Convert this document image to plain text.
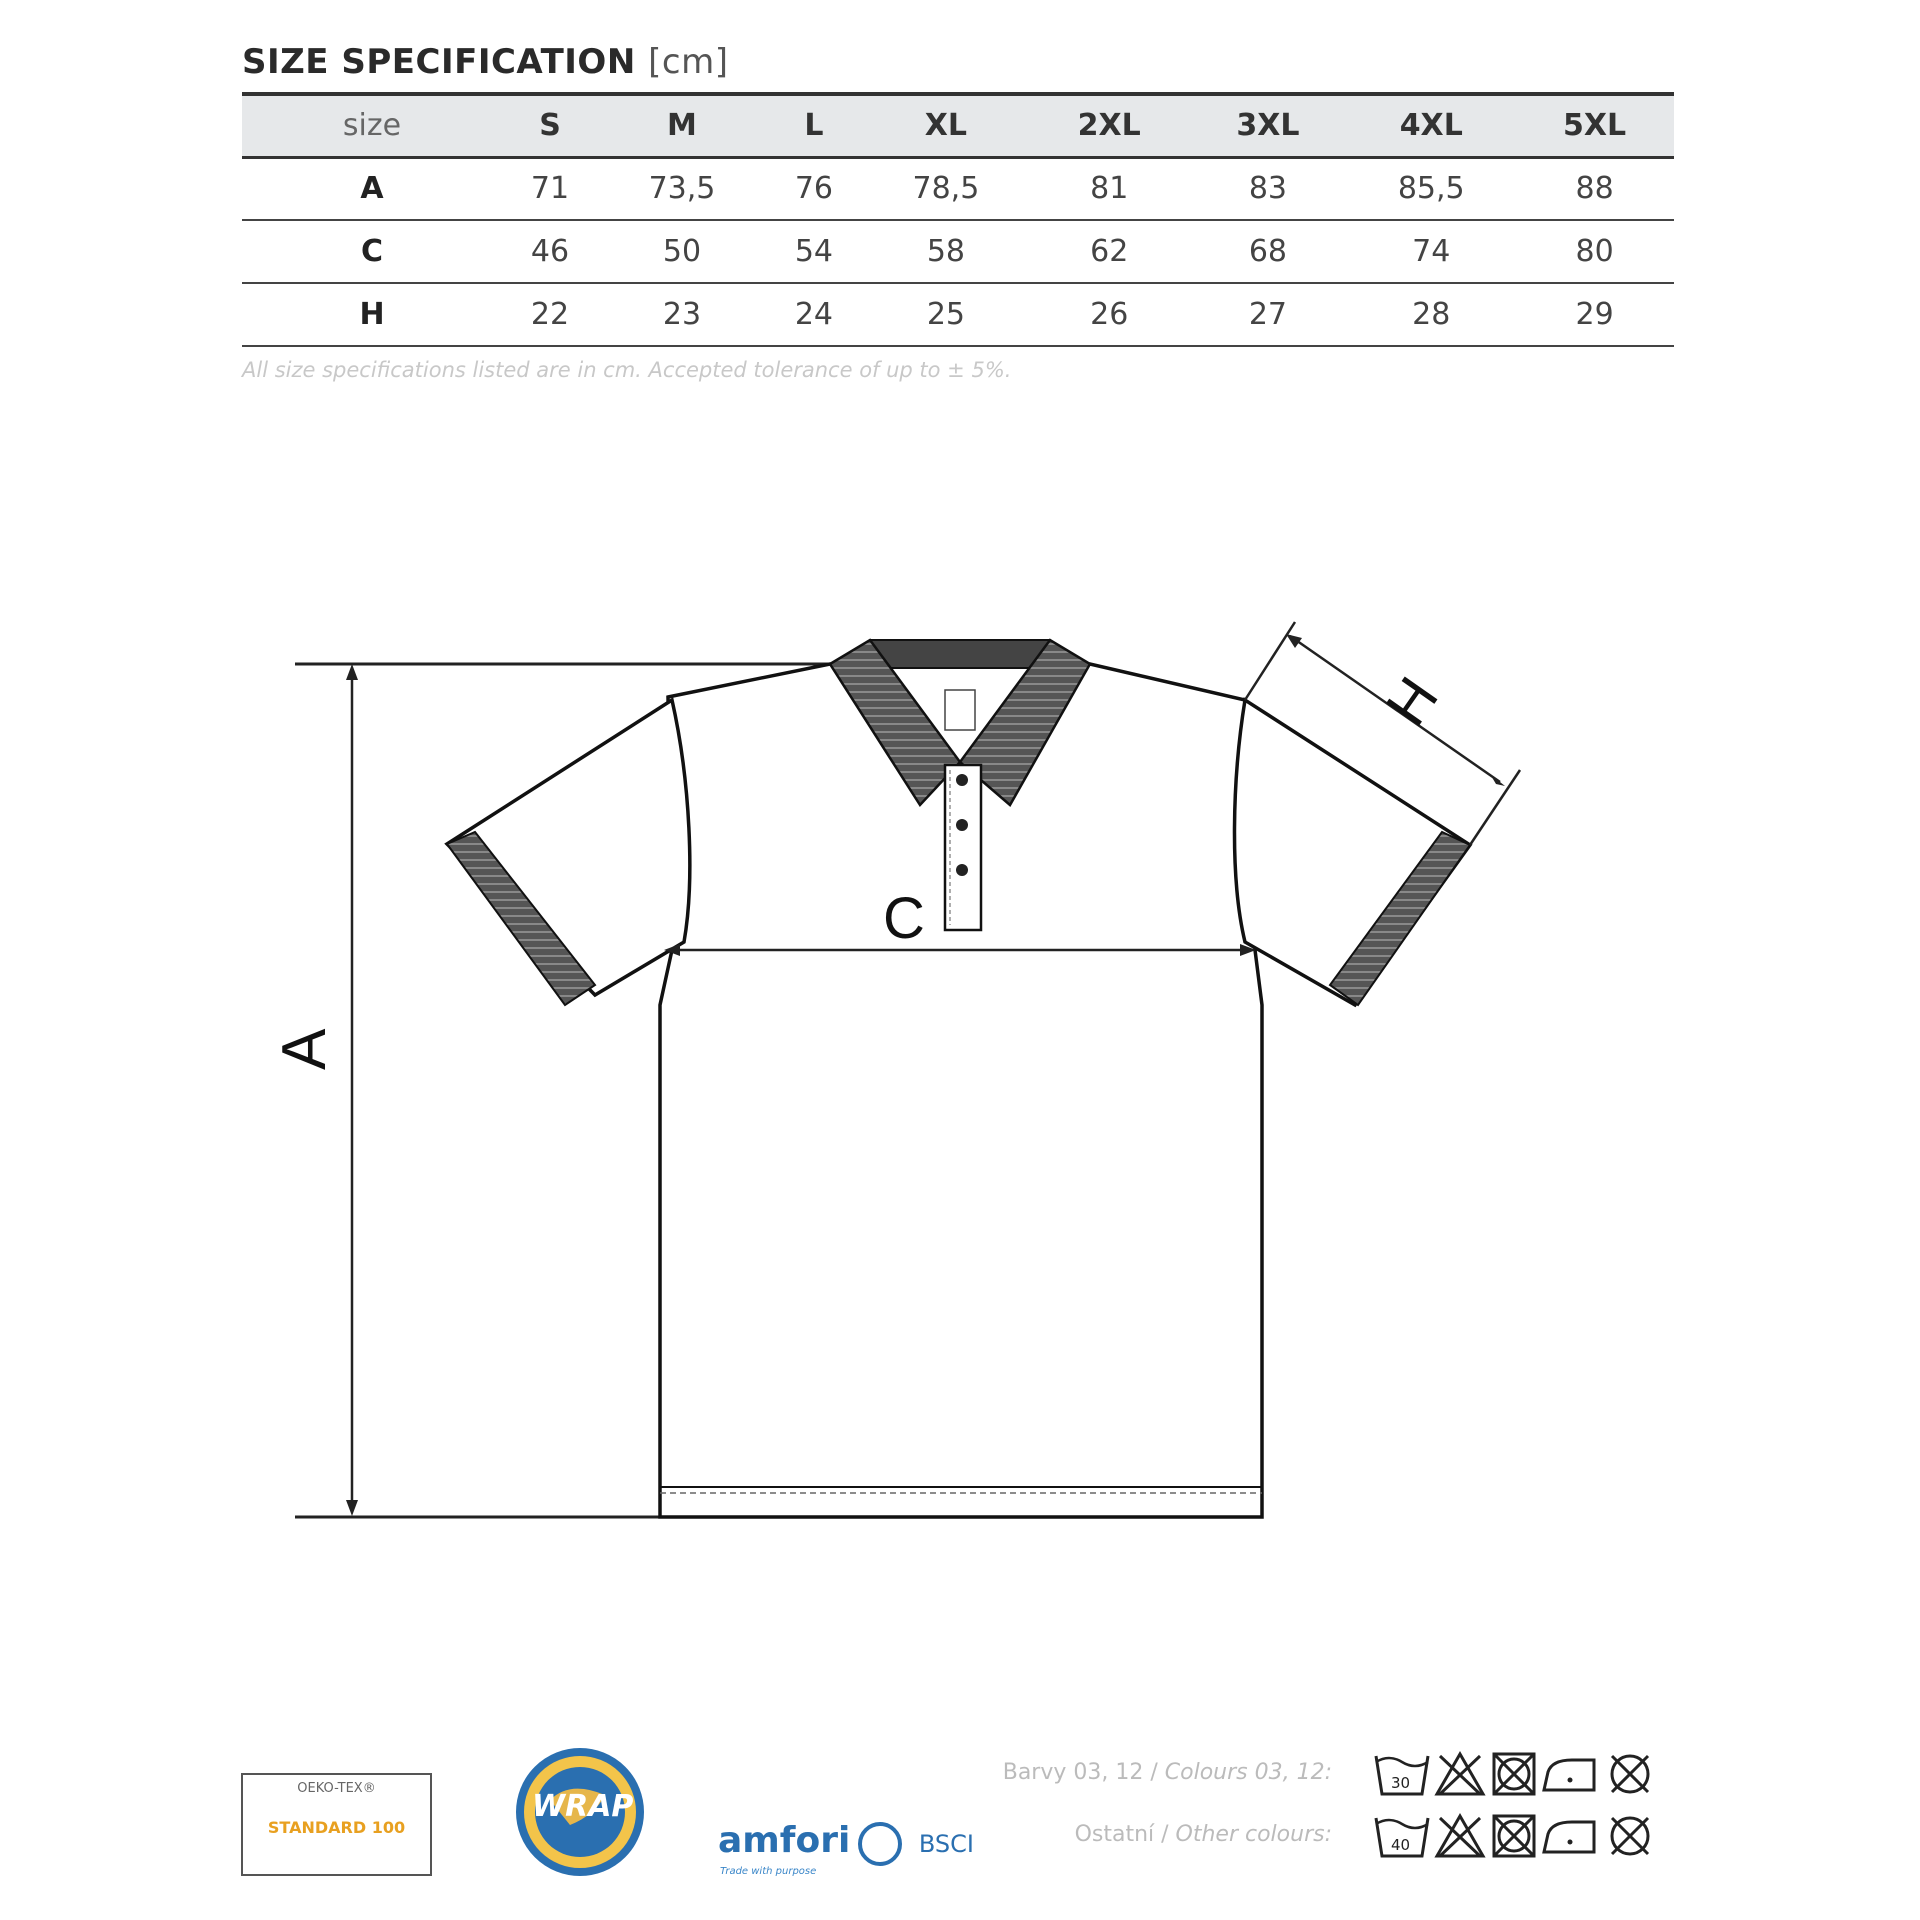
SIZE SPECIFICATION [cm]
size	S	M	L	XL	2XL	3XL	4XL	5XL
A	71	73,5	76	78,5	81	83	85,5	88
C	46	50	54	58	62	68	74	80
H	22	23	24	25	26	27	28	29
All size specifications listed are in cm. Accepted tolerance of up to ± 5%.
A
C
H
OEKO-TEX®
STANDARD 100
WRAP
amfori	BSCI
Trade with purpose
Barvy 03, 12 / Colours 03, 12:	30
Ostatní / Other colours:	40
